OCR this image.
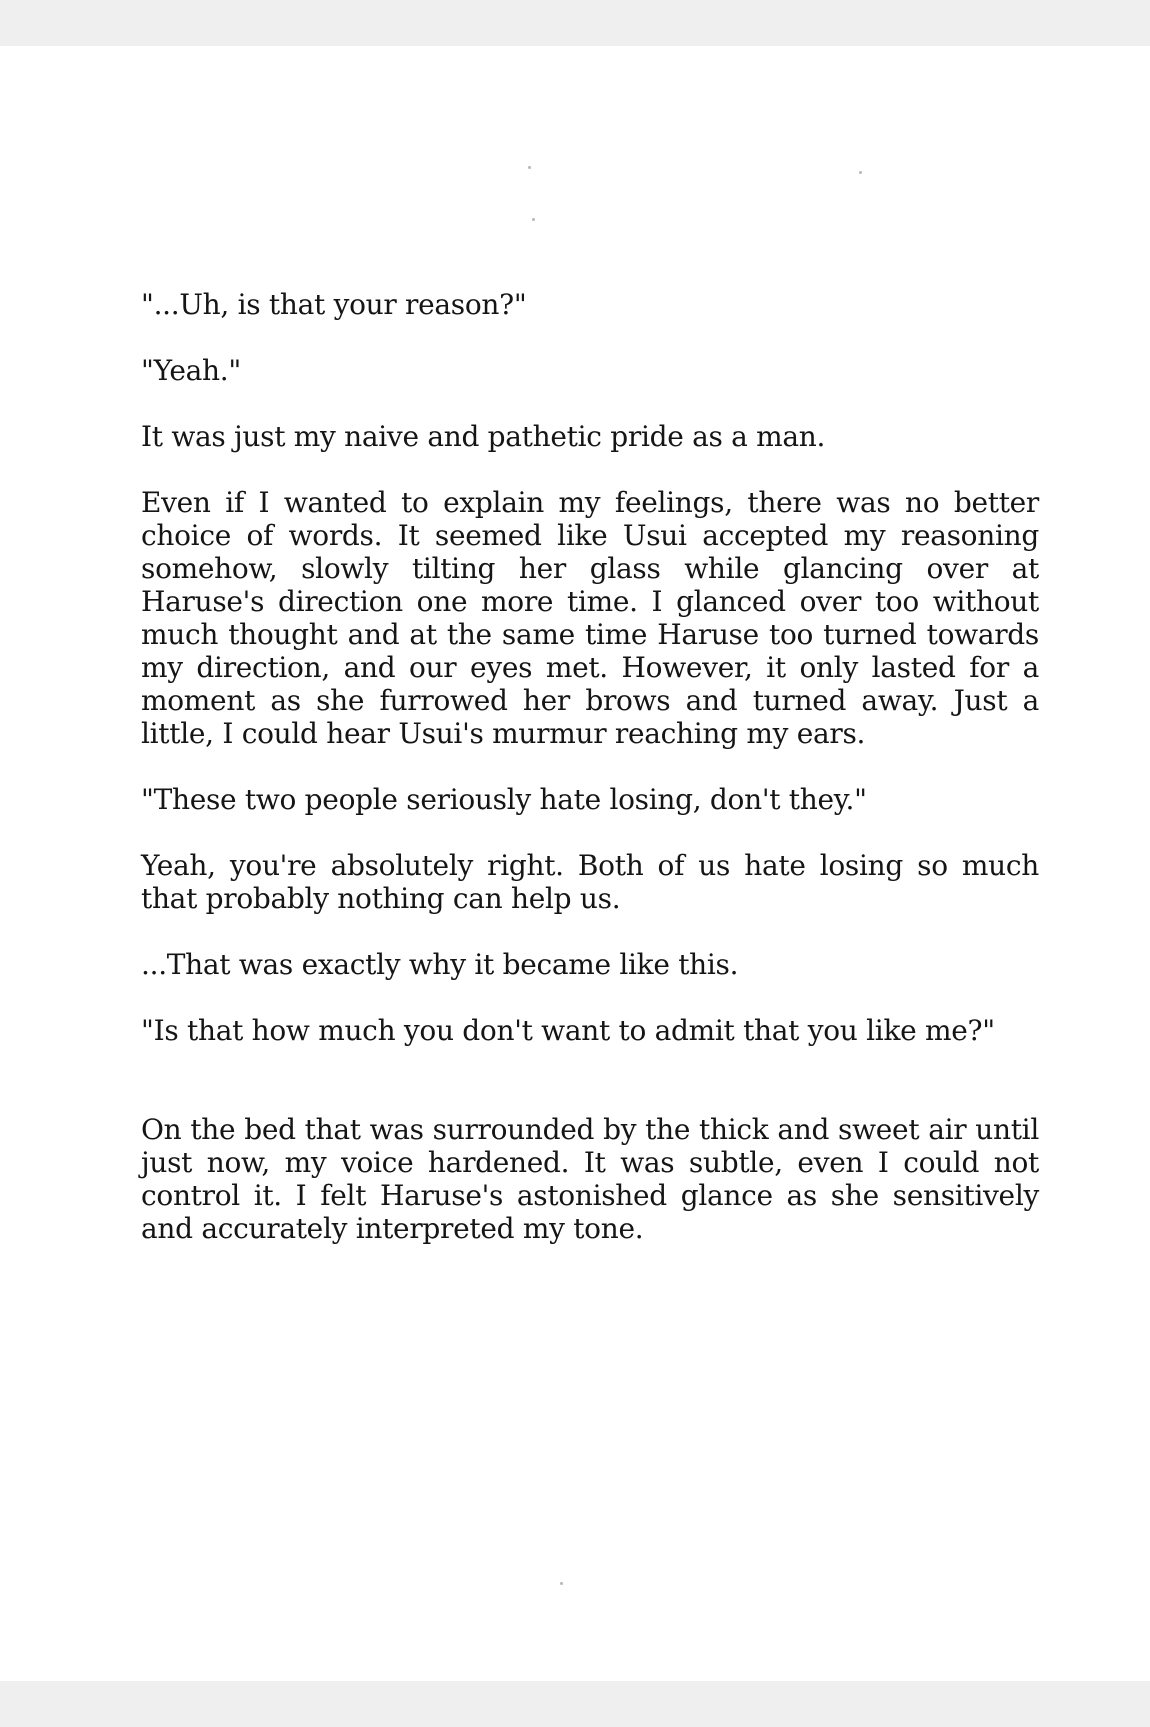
"...Uh, is that your reason?"

"Yeah."

It was just my naive and pathetic pride as a man.

Even if I wanted to explain my feelings, there was no better choice of words. It seemed like Usui accepted my reasoning somehow, slowly tilting her glass while glancing over at Haruse's direction one more time. I glanced over too without much thought and at the same time Haruse too turned towards my direction, and our eyes met. However, it only lasted for a moment as she furrowed her brows and turned away. Just a little, I could hear Usui's murmur reaching my ears.

"These two people seriously hate losing, don't they."

Yeah, you're absolutely right. Both of us hate losing so much that probably nothing can help us.

...That was exactly why it became like this.

"Is that how much you don't want to admit that you like me?"

On the bed that was surrounded by the thick and sweet air until just now, my voice hardened. It was subtle, even I could not control it. I felt Haruse's astonished glance as she sensitively and accurately interpreted my tone.
